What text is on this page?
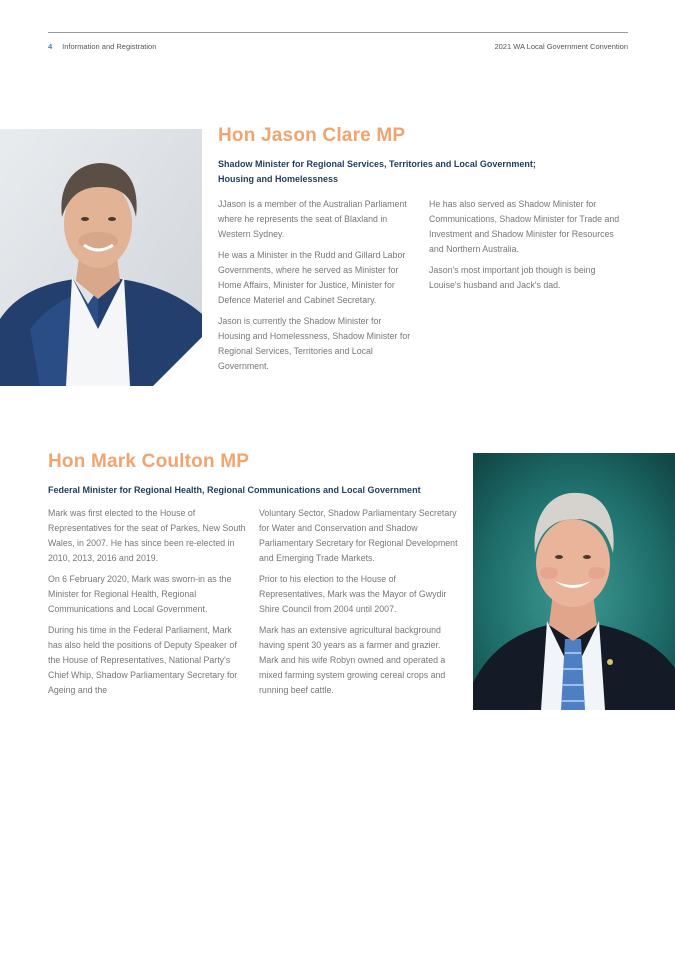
4 Information and Registration	2021 WA Local Government Convention
Hon Jason Clare MP

Shadow Minister for Regional Services, Territories and Local Government;
Housing and Homelessness

JJason is a member of the Australian Parliament where he represents the seat of Blaxland in Western Sydney.

He was a Minister in the Rudd and Gillard Labor Governments, where he served as Minister for Home Affairs, Minister for Justice, Minister for Defence Materiel and Cabinet Secretary.

Jason is currently the Shadow Minister for Housing and Homelessness, Shadow Minister for Regional Services, Territories and Local Government.

He has also served as Shadow Minister for Communications, Shadow Minister for Trade and Investment and Shadow Minister for Resources and Northern Australia.

Jason's most important job though is being Louise's husband and Jack's dad.

Hon Mark Coulton MP

Federal Minister for Regional Health, Regional Communications and Local Government

Mark was first elected to the House of Representatives for the seat of Parkes, New South Wales, in 2007. He has since been re-elected in 2010, 2013, 2016 and 2019.

On 6 February 2020, Mark was sworn-in as the Minister for Regional Health, Regional Communications and Local Government.

During his time in the Federal Parliament, Mark has also held the positions of Deputy Speaker of the House of Representatives, National Party's Chief Whip, Shadow Parliamentary Secretary for Ageing and the

Voluntary Sector, Shadow Parliamentary Secretary for Water and Conservation and Shadow Parliamentary Secretary for Regional Development and Emerging Trade Markets.

Prior to his election to the House of Representatives, Mark was the Mayor of Gwydir Shire Council from 2004 until 2007.

Mark has an extensive agricultural background having spent 30 years as a farmer and grazier. Mark and his wife Robyn owned and operated a mixed farming system growing cereal crops and running beef cattle.
